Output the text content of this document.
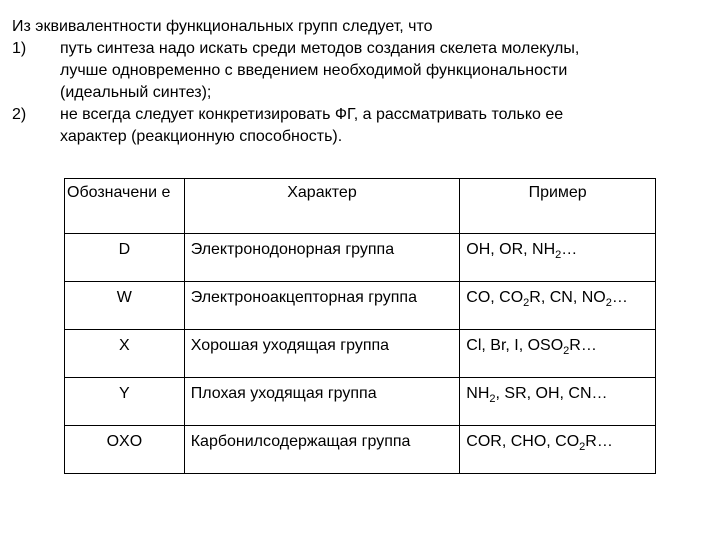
Из эквивалентности функциональных групп следует, что
1)	путь синтеза надо искать среди методов создания скелета молекулы,
лучше одновременно с введением необходимой функциональности
(идеальный синтез);
2)	не всегда следует конкретизировать ФГ, а рассматривать только ее
характер (реакционную способность).
Обозначени е	Характер	Пример
D	Электронодонорная группа	OH, OR, $NH_2\dots$
W	Электроноакцепторная группа	CO, $CO_2R$, CN, $NO_2\dots$
X	Хорошая уходящая группа	Cl, Br, I, $OSO_2R\dots$
Y	Плохая уходящая группа	$NH_2$, SR, OH, CN…
OXO	Карбонилсодержащая группа	COR, CHO, $CO_2R\dots$
